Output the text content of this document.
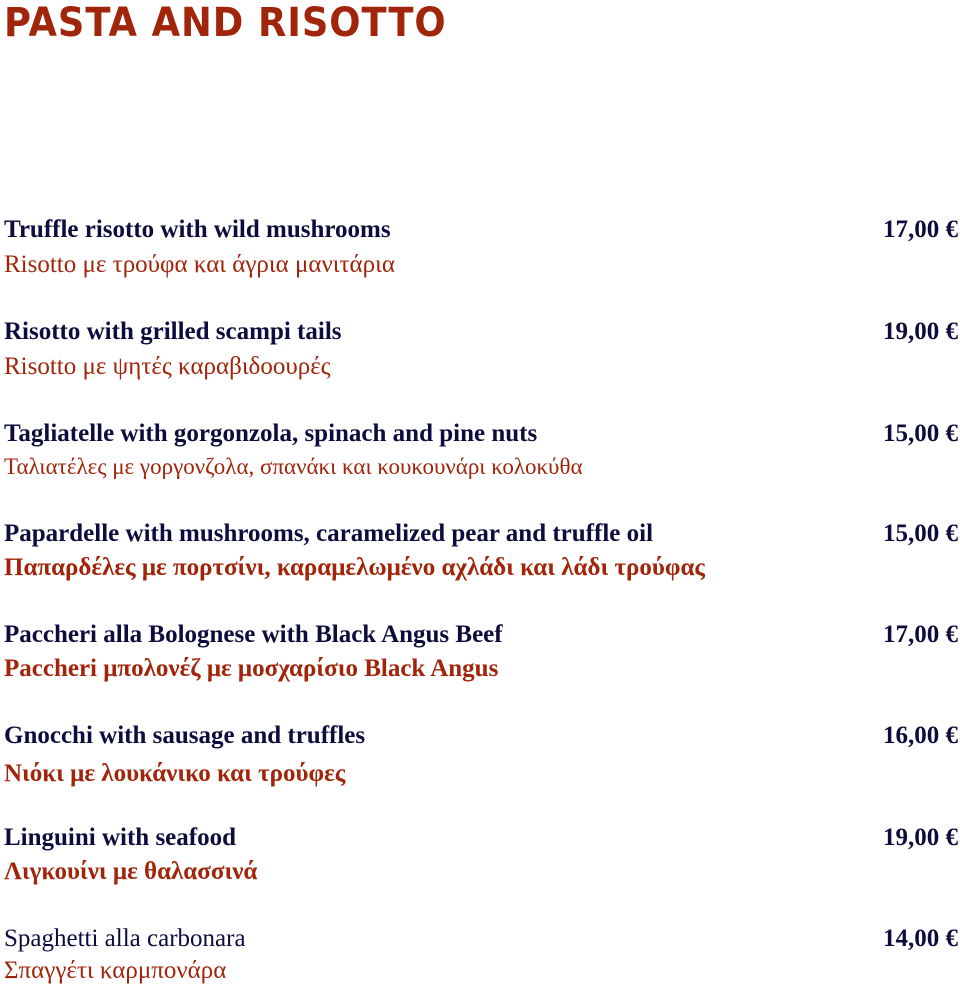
PASTA AND RISOTTO
Truffle risotto with wild mushrooms	17,00 €
Risotto με τρούφα και άγρια μανιτάρια
Risotto with grilled scampi tails	19,00 €
Risotto με ψητές καραβιδοουρές
Tagliatelle with gorgonzola, spinach and pine nuts	15,00 €
Ταλιατέλες με γοργονζολα, σπανάκι και κουκουνάρι κολοκύθα
Papardelle with mushrooms, caramelized pear and truffle oil	15,00 €
Παπαρδέλες με πορτσίνι, καραμελωμένο αχλάδι και λάδι τρούφας
Paccheri alla Bolognese with Black Angus Beef	17,00 €
Paccheri μπολονέζ με μοσχαρίσιο Black Angus
Gnocchi with sausage and truffles	16,00 €
Νιόκι με λουκάνικο και τρούφες
Linguini with seafood	19,00 €
Λιγκουίνι με θαλασσινά
Spaghetti alla carbonara	14,00 €
Σπαγγέτι καρμπονάρα
